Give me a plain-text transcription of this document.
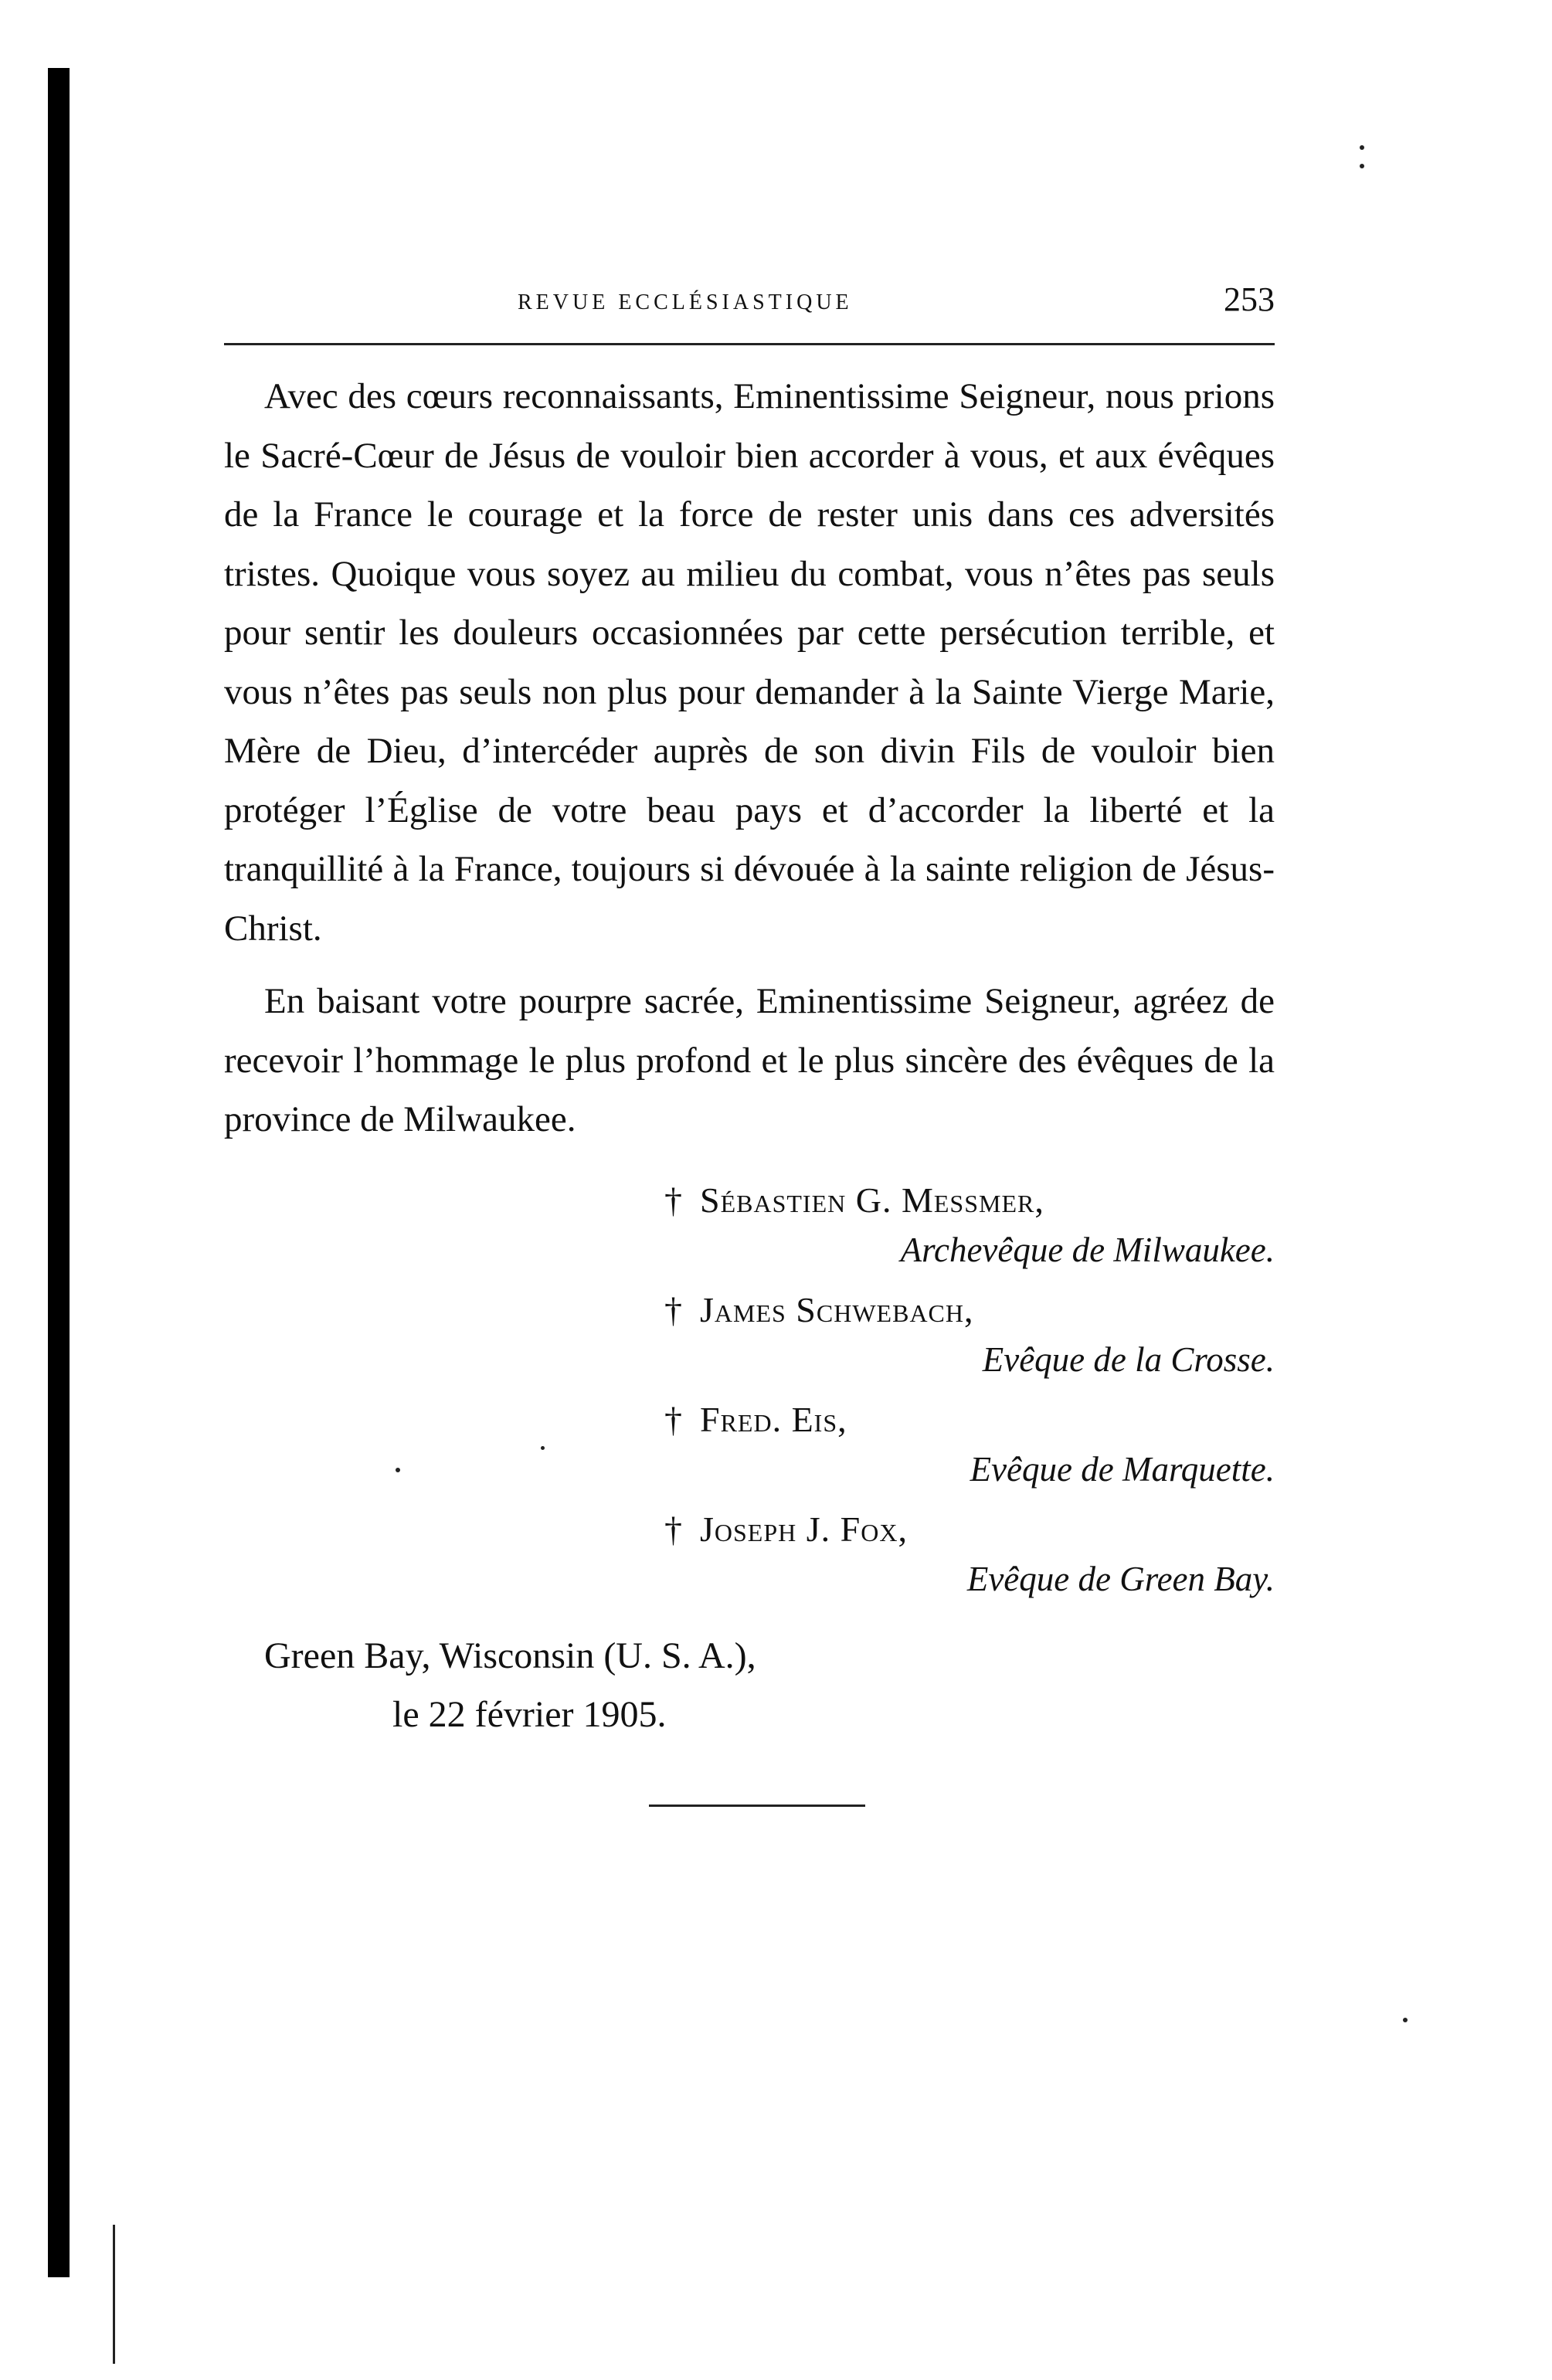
REVUE ECCLÉSIASTIQUE	253

Avec des cœurs reconnaissants, Eminentissime Seigneur, nous prions le Sacré-Cœur de Jésus de vouloir bien accorder à vous, et aux évêques de la France le courage et la force de rester unis dans ces adversités tristes. Quoique vous soyez au milieu du combat, vous n’êtes pas seuls pour sentir les douleurs occasionnées par cette persécution terrible, et vous n’êtes pas seuls non plus pour demander à la Sainte Vierge Marie, Mère de Dieu, d’intercéder auprès de son divin Fils de vouloir bien protéger l’Église de votre beau pays et d’accorder la liberté et la tranquillité à la France, toujours si dévouée à la sainte religion de Jésus-Christ.

En baisant votre pourpre sacrée, Eminentissime Seigneur, agréez de recevoir l’hommage le plus profond et le plus sincère des évêques de la province de Milwaukee.

† Sébastien G. Messmer,
Archevêque de Milwaukee.
† James Schwebach,
Evêque de la Crosse.
† Fred. Eis,
Evêque de Marquette.
† Joseph J. Fox,
Evêque de Green Bay.
Green Bay, Wisconsin (U. S. A.),
le 22 février 1905.
